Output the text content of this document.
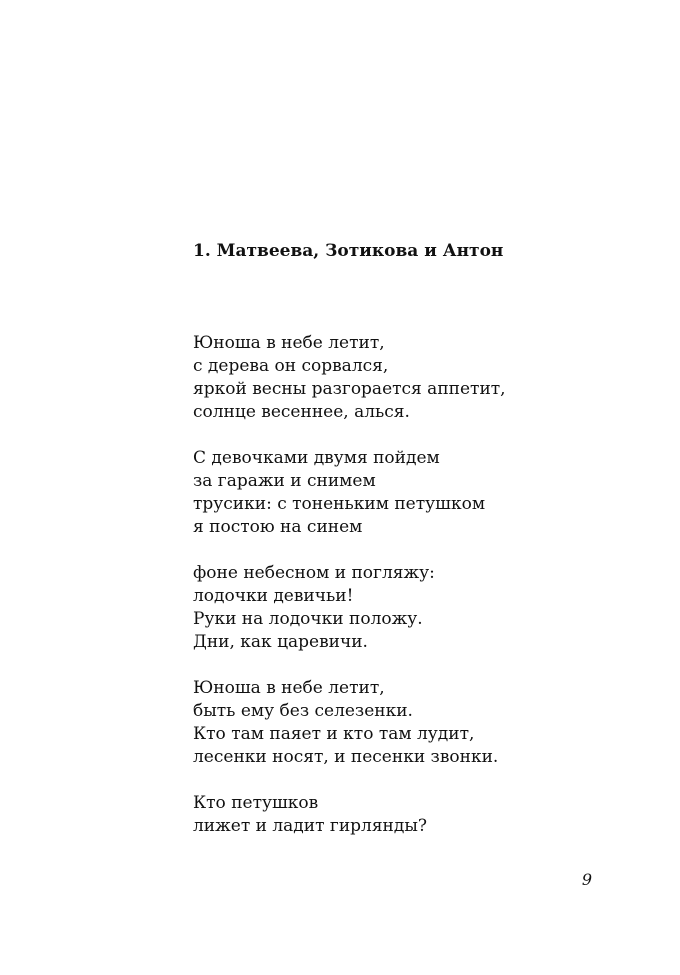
1. Матвеева, Зотикова и Антон
Юноша в небе летит,
с дерева он сорвался,
яркой весны разгорается аппетит,
солнце весеннее, алься.
С девочками двумя пойдем
за гаражи и снимем
трусики: с тоненьким петушком
я постою на синем
фоне небесном и погляжу:
лодочки девичьи!
Руки на лодочки положу.
Дни, как царевичи.
Юноша в небе летит,
быть ему без селезенки.
Кто там паяет и кто там лудит,
лесенки носят, и песенки звонки.
Кто петушков
лижет и ладит гирлянды?
9
